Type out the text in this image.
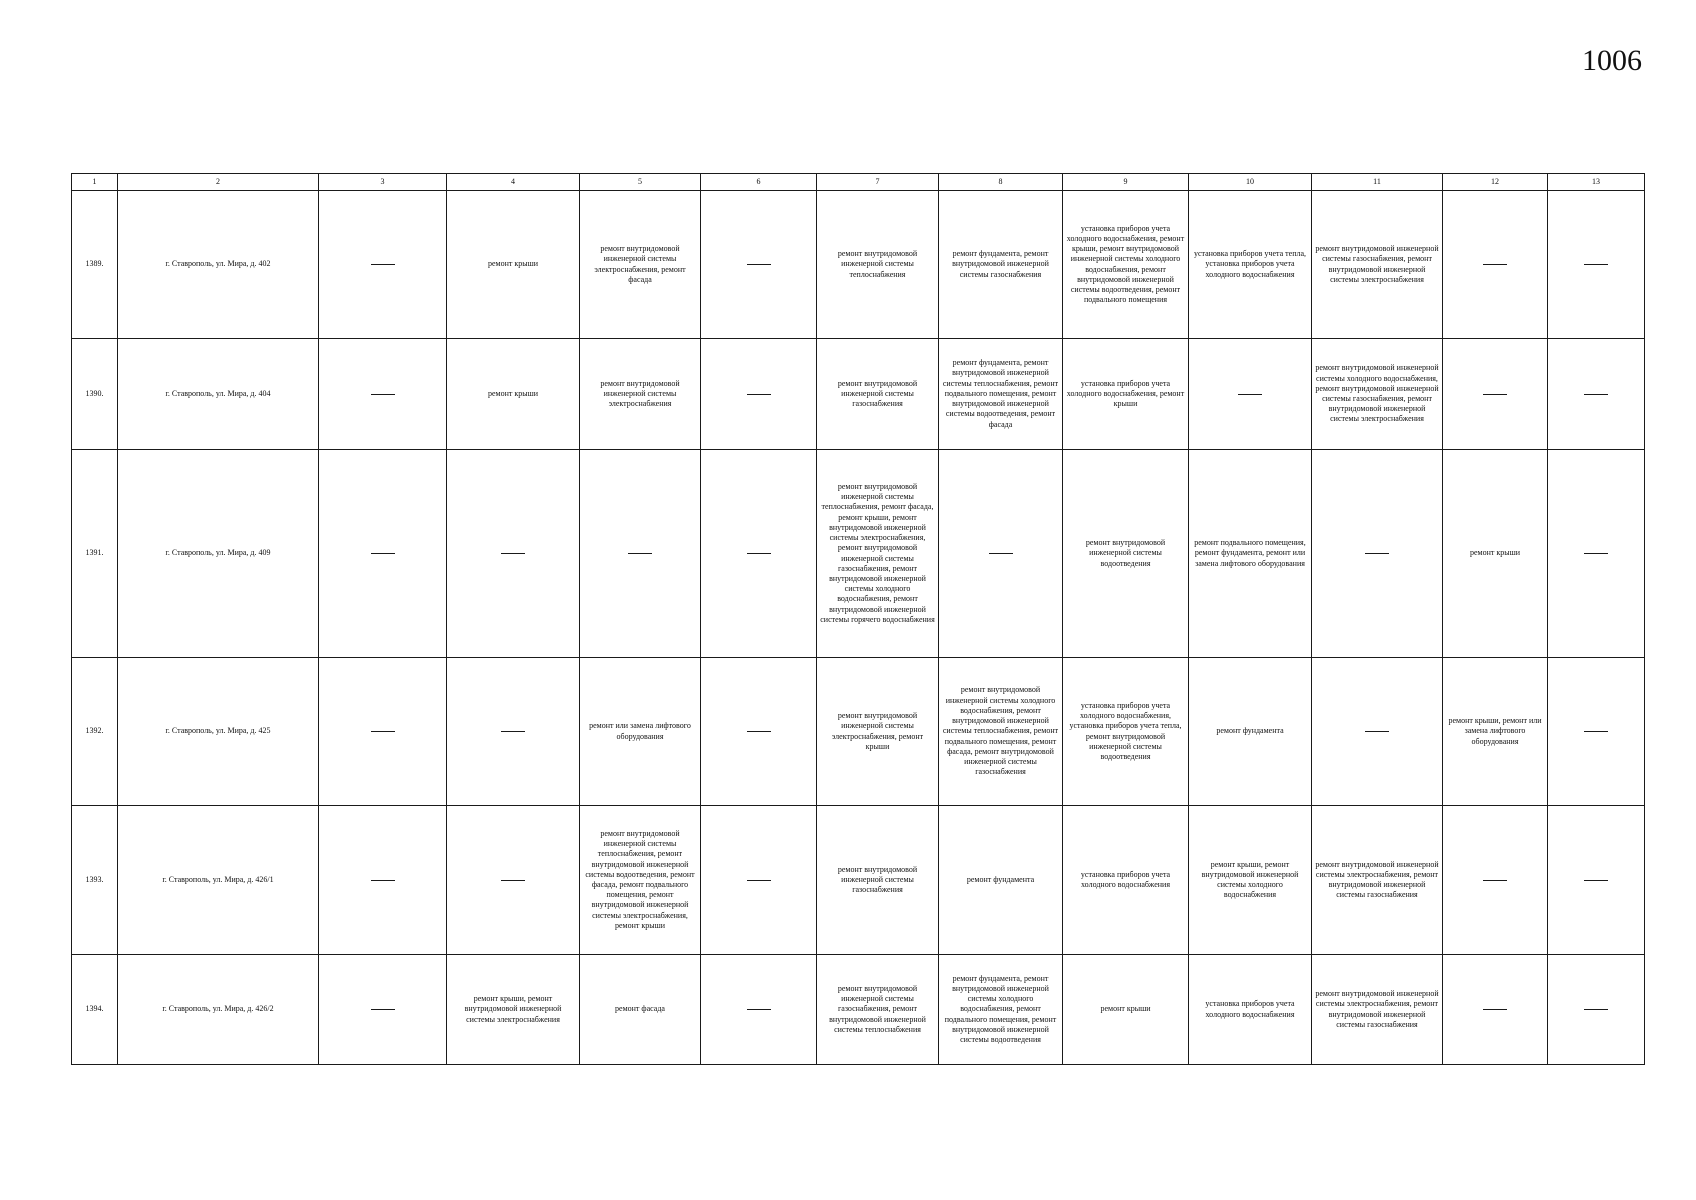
1006
1	2	3	4	5	6	7	8	9	10	11	12	13
1389.	г. Ставрополь, ул. Мира, д. 402		ремонт крыши	ремонт внутридомовой инженерной системы электроснабжения, ремонт фасада		ремонт внутридомовой инженерной системы теплоснабжения	ремонт фундамента, ремонт внутридомовой инженерной системы газоснабжения	установка приборов учета холодного водоснабжения, ремонт крыши, ремонт внутридомовой инженерной системы холодного водоснабжения, ремонт внутридомовой инженерной системы водоотведения, ремонт подвального помещения	установка приборов учета тепла, установка приборов учета холодного водоснабжения	ремонт внутридомовой инженерной системы газоснабжения, ремонт внутридомовой инженерной системы электроснабжения		
1390.	г. Ставрополь, ул. Мира, д. 404		ремонт крыши	ремонт внутридомовой инженерной системы электроснабжения		ремонт внутридомовой инженерной системы газоснабжения	ремонт фундамента, ремонт внутридомовой инженерной системы теплоснабжения, ремонт подвального помещения, ремонт внутридомовой инженерной системы водоотведения, ремонт фасада	установка приборов учета холодного водоснабжения, ремонт крыши		ремонт внутридомовой инженерной системы холодного водоснабжения, ремонт внутридомовой инженерной системы газоснабжения, ремонт внутридомовой инженерной системы электроснабжения		
1391.	г. Ставрополь, ул. Мира, д. 409					ремонт внутридомовой инженерной системы теплоснабжения, ремонт фасада, ремонт крыши, ремонт внутридомовой инженерной системы электроснабжения, ремонт внутридомовой инженерной системы газоснабжения, ремонт внутридомовой инженерной системы холодного водоснабжения, ремонт внутридомовой инженерной системы горячего водоснабжения		ремонт внутридомовой инженерной системы водоотведения	ремонт подвального помещения, ремонт фундамента, ремонт или замена лифтового оборудования		ремонт крыши	
1392.	г. Ставрополь, ул. Мира, д. 425			ремонт или замена лифтового оборудования		ремонт внутридомовой инженерной системы электроснабжения, ремонт крыши	ремонт внутридомовой инженерной системы холодного водоснабжения, ремонт внутридомовой инженерной системы теплоснабжения, ремонт подвального помещения, ремонт фасада, ремонт внутридомовой инженерной системы газоснабжения	установка приборов учета холодного водоснабжения, установка приборов учета тепла, ремонт внутридомовой инженерной системы водоотведения	ремонт фундамента		ремонт крыши, ремонт или замена лифтового оборудования	
1393.	г. Ставрополь, ул. Мира, д. 426/1			ремонт внутридомовой инженерной системы теплоснабжения, ремонт внутридомовой инженерной системы водоотведения, ремонт фасада, ремонт подвального помещения, ремонт внутридомовой инженерной системы электроснабжения, ремонт крыши		ремонт внутридомовой инженерной системы газоснабжения	ремонт фундамента	установка приборов учета холодного водоснабжения	ремонт крыши, ремонт внутридомовой инженерной системы холодного водоснабжения	ремонт внутридомовой инженерной системы электроснабжения, ремонт внутридомовой инженерной системы газоснабжения		
1394.	г. Ставрополь, ул. Мира, д. 426/2		ремонт крыши, ремонт внутридомовой инженерной системы электроснабжения	ремонт фасада		ремонт внутридомовой инженерной системы газоснабжения, ремонт внутридомовой инженерной системы теплоснабжения	ремонт фундамента, ремонт внутридомовой инженерной системы холодного водоснабжения, ремонт подвального помещения, ремонт внутридомовой инженерной системы водоотведения	ремонт крыши	установка приборов учета холодного водоснабжения	ремонт внутридомовой инженерной системы электроснабжения, ремонт внутридомовой инженерной системы газоснабжения		
